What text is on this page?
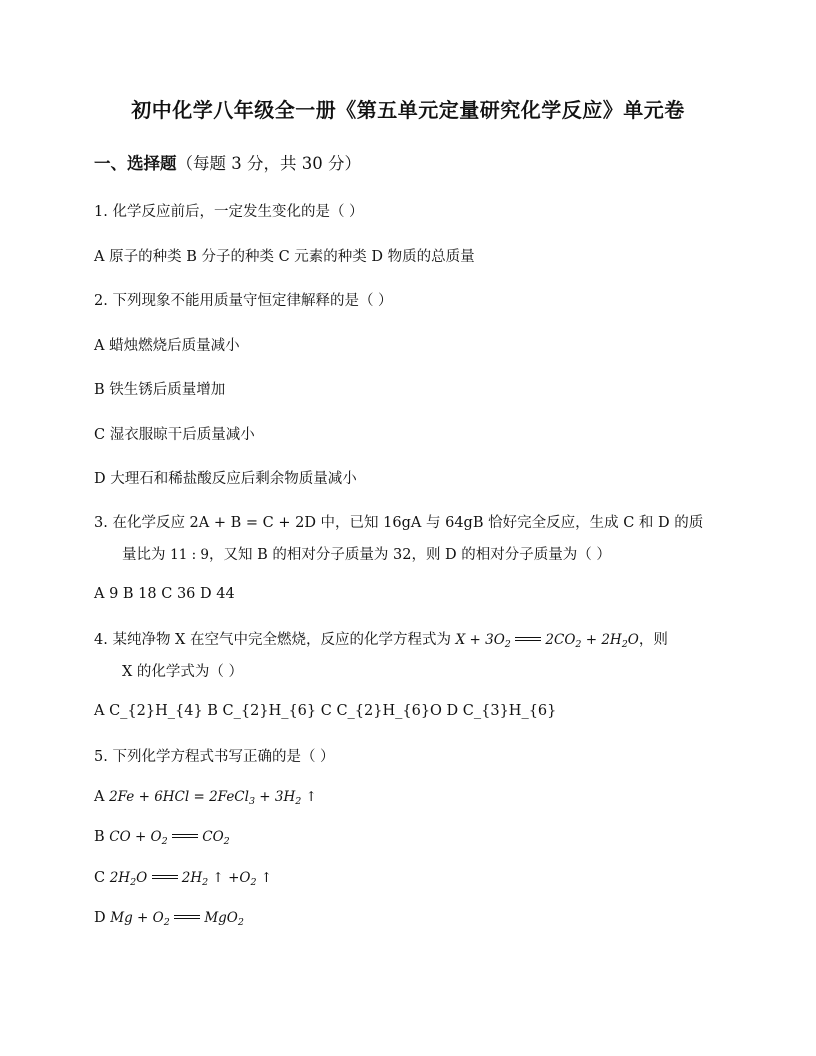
初中化学八年级全一册《第五单元定量研究化学反应》单元卷
一、选择题（每题 3 分，共 30 分）
1. 化学反应前后，一定发生变化的是（ ）
A 原子的种类 B 分子的种类 C 元素的种类 D 物质的总质量
2. 下列现象不能用质量守恒定律解释的是（ ）
A 蜡烛燃烧后质量减小
B 铁生锈后质量增加
C 湿衣服晾干后质量减小
D 大理石和稀盐酸反应后剩余物质量减小
3. 在化学反应 2A + B = C + 2D 中，已知 16gA 与 64gB 恰好完全反应，生成 C 和 D 的质
量比为 11 : 9，又知 B 的相对分子质量为 32，则 D 的相对分子质量为（ ）
A 9 B 18 C 36 D 44
4. 某纯净物 X 在空气中完全燃烧，反应的化学方程式为 $X + 3O_2$
$2CO_2 + 2H_2O$，则
X 的化学式为（ ）
A C_{2}H_{4} B C_{2}H_{6} C C_{2}H_{6}O D C_{3}H_{6}
5. 下列化学方程式书写正确的是（ ）
A 2Fe + 6HCl = 2FeCl$_3$ + $3H_2$ ↑
B CO + $O_2$
$CO_2$
C $2H_2O$
$2H_2$ ↑ $+O_2$ ↑
D $Mg + O_2$
MgO$_2$
